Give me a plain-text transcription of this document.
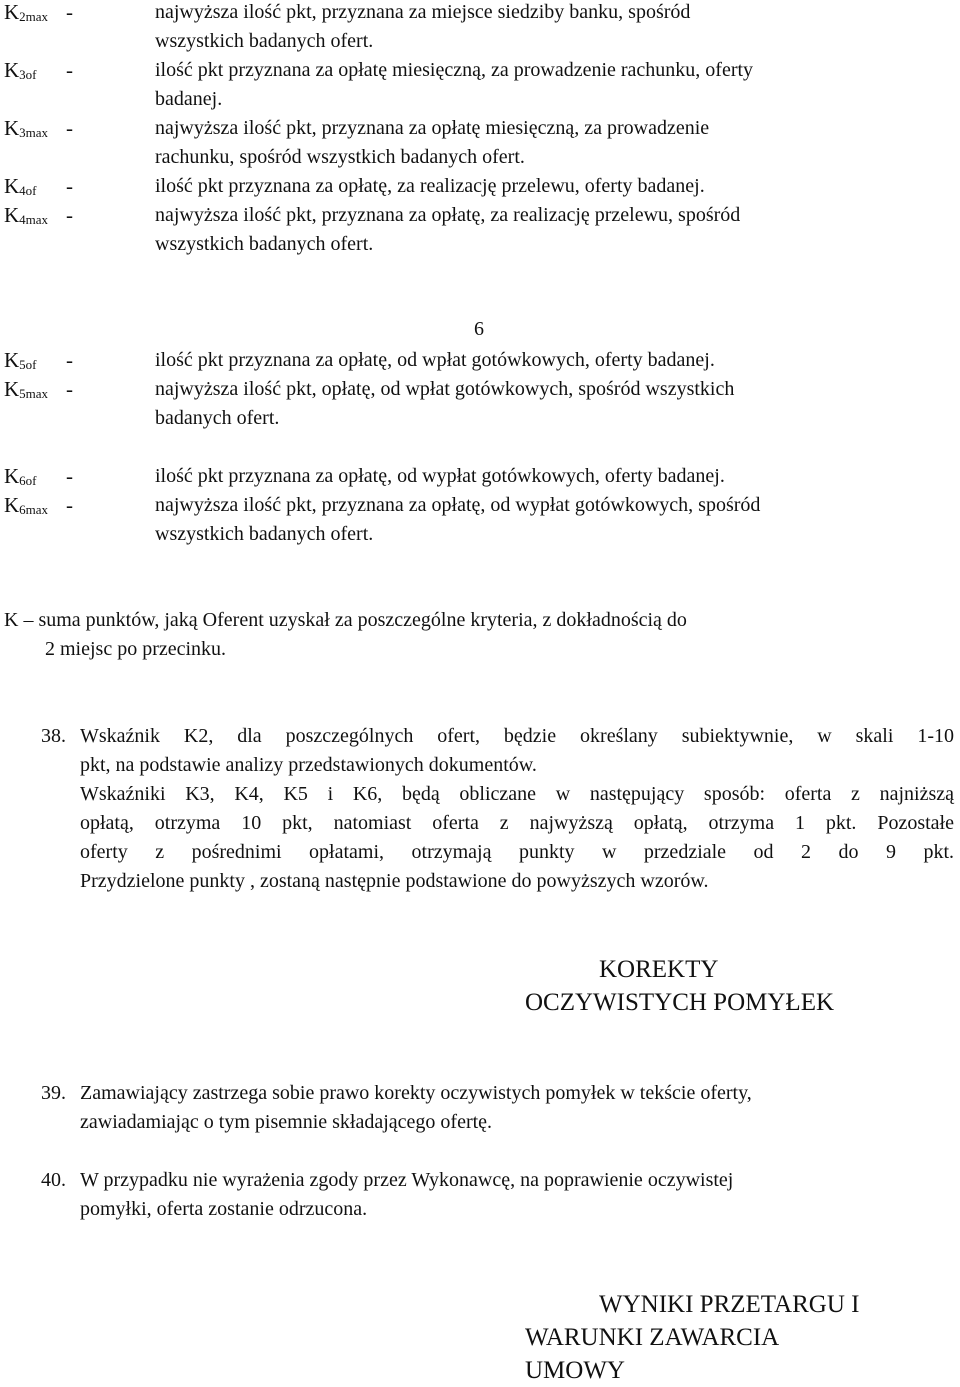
$K_{2max}$ -	najwyższa ilość pkt, przyznana za miejsce siedziby banku, spośród
wszystkich badanych ofert.
$K_{3of}$ -	ilość pkt przyznana za opłatę miesięczną, za prowadzenie rachunku, oferty
badanej.
$K_{3max}$ -	najwyższa ilość pkt, przyznana za opłatę miesięczną, za prowadzenie
rachunku, spośród wszystkich badanych ofert.
$K_{4of}$ -	ilość pkt przyznana za opłatę, za realizację przelewu, oferty badanej.
$K_{4max}$ -	najwyższa ilość pkt, przyznana za opłatę, za realizację przelewu, spośród
wszystkich badanych ofert.
6
$K_{5of}$ -	ilość pkt przyznana za opłatę, od wpłat gotówkowych, oferty badanej.
$K_{5max}$ -	najwyższa ilość pkt, opłatę, od wpłat gotówkowych, spośród wszystkich
badanych ofert.
$K_{6of}$ -	ilość pkt przyznana za opłatę, od wypłat gotówkowych, oferty badanej.
$K_{6max}$ -	najwyższa ilość pkt, przyznana za opłatę, od wypłat gotówkowych, spośród
wszystkich badanych ofert.
K – suma punktów, jaką Oferent uzyskał za poszczególne kryteria, z dokładnością do
2 miejsc po przecinku.
38. Wskaźnik K2, dla poszczególnych ofert, będzie określany subiektywnie, w skali 1-10
pkt, na podstawie analizy przedstawionych dokumentów.
Wskaźniki K3, K4, K5 i K6, będą obliczane w następujący sposób: oferta z najniższą
opłatą, otrzyma 10 pkt, natomiast oferta z najwyższą opłatą, otrzyma 1 pkt. Pozostałe
oferty z pośrednimi opłatami, otrzymają punkty w przedziale od 2 do 9 pkt.
Przydzielone punkty , zostaną następnie podstawione do powyższych wzorów.
KOREKTY
OCZYWISTYCH POMYŁEK
39. Zamawiający zastrzega sobie prawo korekty oczywistych pomyłek w tekście oferty,
zawiadamiając o tym pisemnie składającego ofertę.
40. W przypadku nie wyrażenia zgody przez Wykonawcę, na poprawienie oczywistej
pomyłki, oferta zostanie odrzucona.
WYNIKI PRZETARGU I
WARUNKI ZAWARCIA
UMOWY
